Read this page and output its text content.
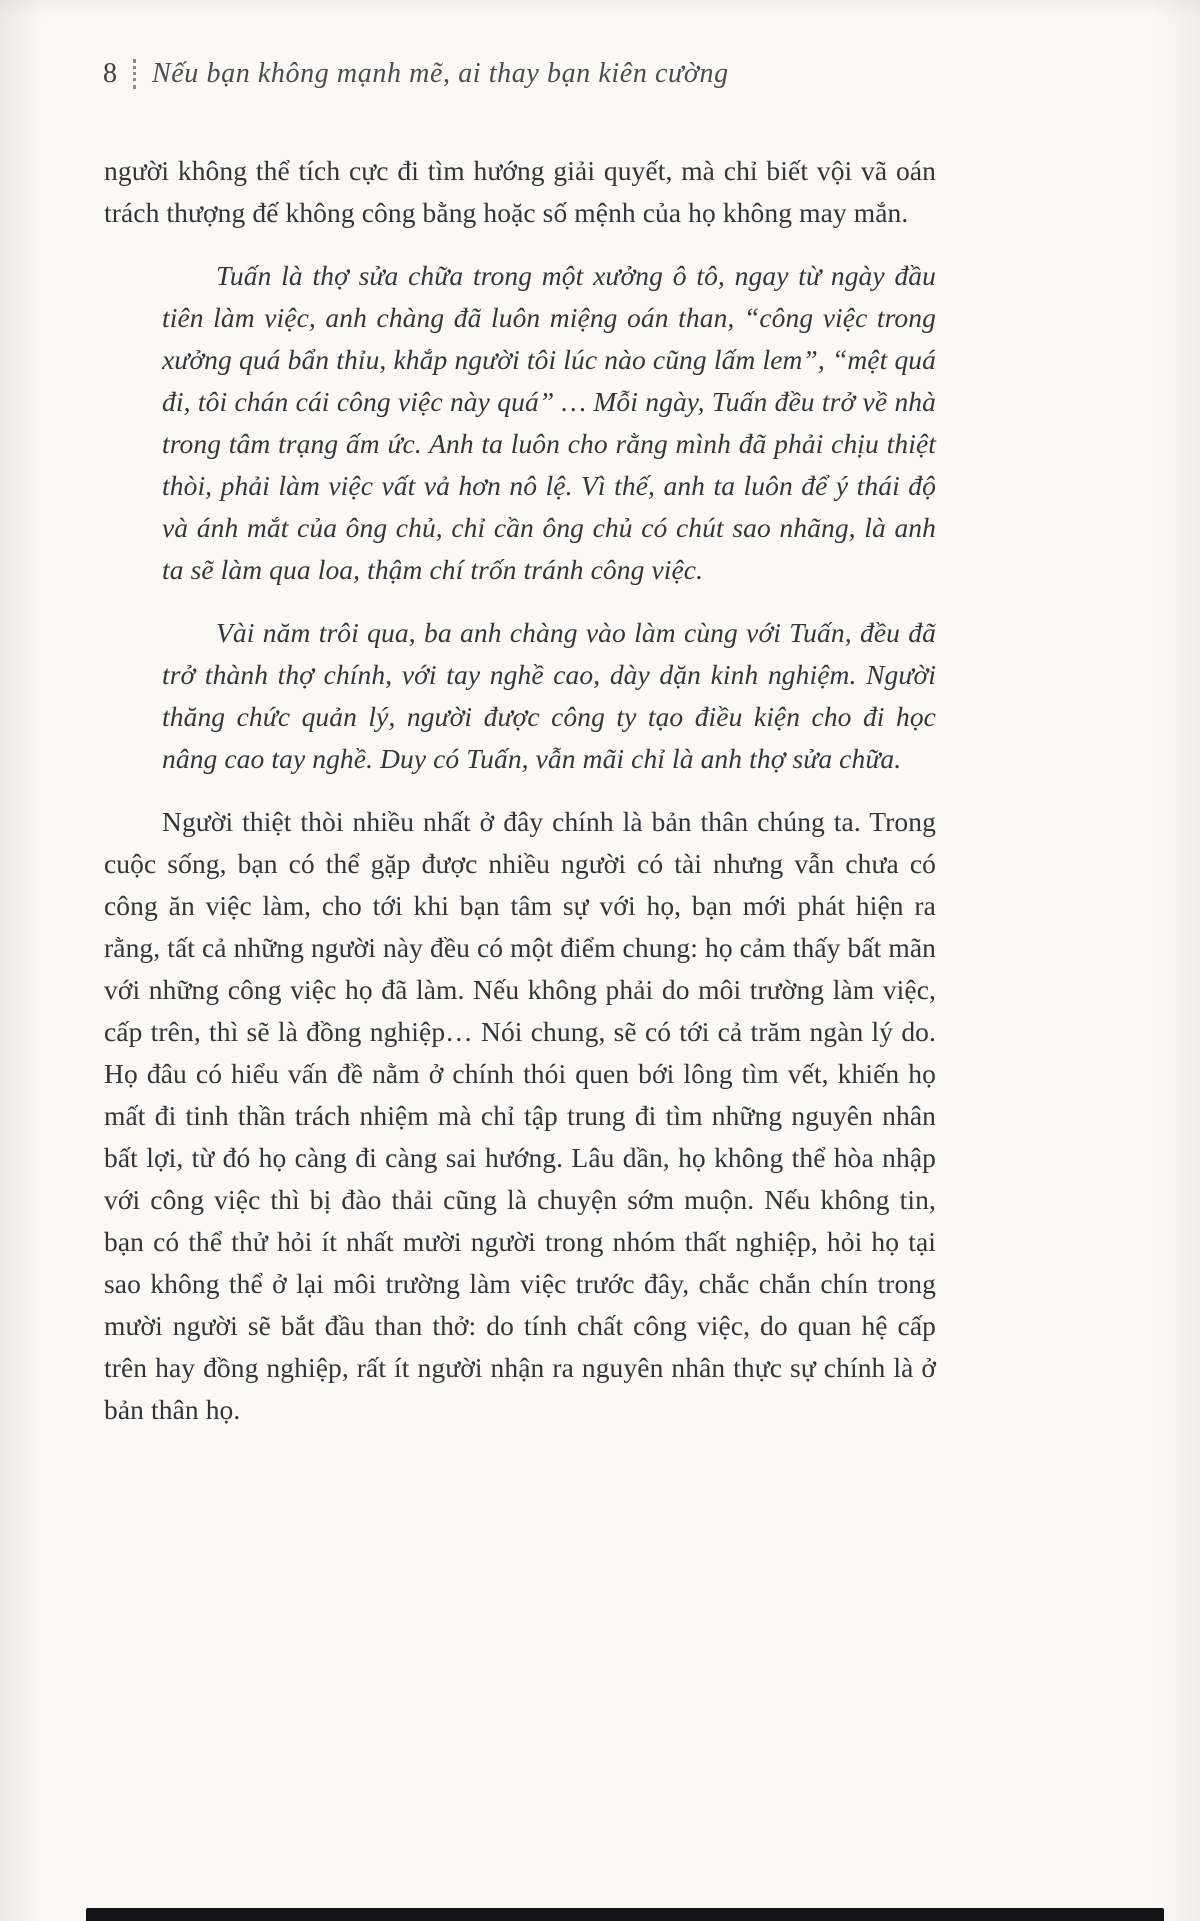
8 Nếu bạn không mạnh mẽ, ai thay bạn kiên cường

người không thể tích cực đi tìm hướng giải quyết, mà chỉ biết vội vã oán trách thượng đế không công bằng hoặc số mệnh của họ không may mắn.

Tuấn là thợ sửa chữa trong một xưởng ô tô, ngay từ ngày đầu tiên làm việc, anh chàng đã luôn miệng oán than, “công việc trong xưởng quá bẩn thỉu, khắp người tôi lúc nào cũng lấm lem”, “mệt quá đi, tôi chán cái công việc này quá” … Mỗi ngày, Tuấn đều trở về nhà trong tâm trạng ấm ức. Anh ta luôn cho rằng mình đã phải chịu thiệt thòi, phải làm việc vất vả hơn nô lệ. Vì thế, anh ta luôn để ý thái độ và ánh mắt của ông chủ, chỉ cần ông chủ có chút sao nhãng, là anh ta sẽ làm qua loa, thậm chí trốn tránh công việc.

Vài năm trôi qua, ba anh chàng vào làm cùng với Tuấn, đều đã trở thành thợ chính, với tay nghề cao, dày dặn kinh nghiệm. Người thăng chức quản lý, người được công ty tạo điều kiện cho đi học nâng cao tay nghề. Duy có Tuấn, vẫn mãi chỉ là anh thợ sửa chữa.

Người thiệt thòi nhiều nhất ở đây chính là bản thân chúng ta. Trong cuộc sống, bạn có thể gặp được nhiều người có tài nhưng vẫn chưa có công ăn việc làm, cho tới khi bạn tâm sự với họ, bạn mới phát hiện ra rằng, tất cả những người này đều có một điểm chung: họ cảm thấy bất mãn với những công việc họ đã làm. Nếu không phải do môi trường làm việc, cấp trên, thì sẽ là đồng nghiệp… Nói chung, sẽ có tới cả trăm ngàn lý do. Họ đâu có hiểu vấn đề nằm ở chính thói quen bới lông tìm vết, khiến họ mất đi tinh thần trách nhiệm mà chỉ tập trung đi tìm những nguyên nhân bất lợi, từ đó họ càng đi càng sai hướng. Lâu dần, họ không thể hòa nhập với công việc thì bị đào thải cũng là chuyện sớm muộn. Nếu không tin, bạn có thể thử hỏi ít nhất mười người trong nhóm thất nghiệp, hỏi họ tại sao không thể ở lại môi trường làm việc trước đây, chắc chắn chín trong mười người sẽ bắt đầu than thở: do tính chất công việc, do quan hệ cấp trên hay đồng nghiệp, rất ít người nhận ra nguyên nhân thực sự chính là ở bản thân họ.
